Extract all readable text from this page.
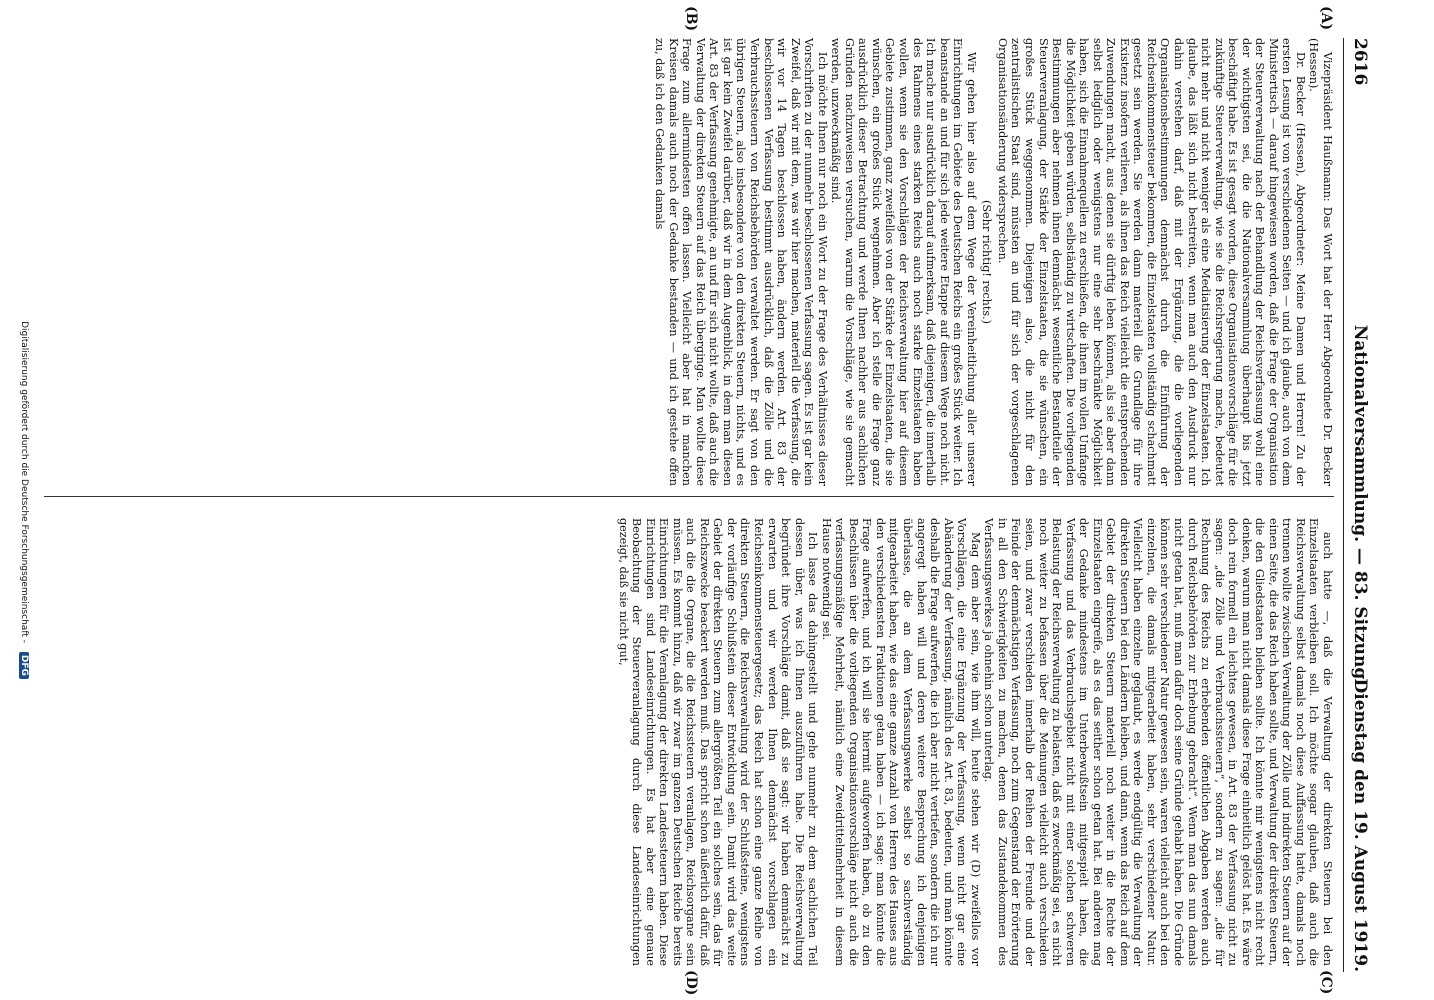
2616
Nationalversammlung. — 83. Sitzung.
Dienstag den 19. August 1919.
(A)
(B)
(C)
(D)

Vizepräsident Haußmann: Das Wort hat der Herr Abgeordnete Dr. Becker (Hessen).

Dr. Becker (Hessen), Abgeordneter: Meine Damen und Herren! Zu der ersten Lesung ist von verschiedenen Seiten — und ich glaube, auch von dem Ministertisch — darauf hingewiesen worden, daß die Frage der Organisation der Steuerverwaltung nach der Behandlung der Reichsverfassung wohl eine der wichtigsten sei, die die Nationalversammlung überhaupt bis jetzt beschäftigt habe. Es ist gesagt worden, diese Organisationsvorschläge für die zukünftige Steuerverwaltung, wie sie die Reichsregierung mache, bedeutet nicht mehr und nicht weniger als eine Mediatisierung der Einzelstaaten. Ich glaube, das läßt sich nicht bestreiten, wenn man auch den Ausdruck nur dahin verstehen darf, daß mit der Ergänzung, die die vorliegenden Organisationsbestimmungen demnächst durch die Einführung der Reichseinkommensteuer bekommen, die Einzelstaaten vollständig schachmatt gesetzt sein werden. Sie werden dann materiell die Grundlage für ihre Existenz insofern verlieren, als ihnen das Reich vielleicht die entsprechenden Zuwendungen macht, aus denen sie dürftig leben können, als sie aber dann selbst lediglich oder wenigstens nur eine sehr beschränkte Möglichkeit haben, sich die Einnahmequellen zu erschließen, die ihnen im vollen Umfange die Möglichkeit geben würden, selbständig zu wirtschaften. Die vorliegenden Bestimmungen aber nehmen ihnen demnächst wesentliche Bestandteile der Steuerveranlagung, der Stärke der Einzelstaaten, die sie wünschen, ein großes Stück weggenommen. Diejenigen also, die nicht für den zentralistischen Staat sind, müssten an und für sich der vorgeschlagenen Organisationsänderung widersprechen.

(Sehr richtig! rechts.)

Wir gehen hier also auf dem Wege der Vereinheitlichung aller unserer Einrichtungen im Gebiete des Deutschen Reichs ein großes Stück weiter. Ich beanstande an und für sich jede weitere Etappe auf diesem Wege noch nicht. Ich mache nur ausdrücklich darauf aufmerksam, daß diejenigen, die innerhalb des Rahmens eines starken Reichs auch noch starke Einzelstaaten haben wollen, wenn sie den Vorschlägen der Reichsverwaltung hier auf diesem Gebiete zustimmen, ganz zweifellos von der Stärke der Einzelstaaten, die sie wünschen, ein großes Stück wegnehmen. Aber ich stelle die Frage ganz ausdrücklich dieser Betrachtung und werde Ihnen nachher aus sachlichen Gründen nachzuweisen versuchen, warum die Vorschläge, wie sie gemacht werden, unzweckmäßig sind.

Ich möchte Ihnen nur noch ein Wort zu der Frage des Verhältnisses dieser Vorschriften zu der nunmehr beschlossenen Verfassung sagen. Es ist gar kein Zweifel, daß wir mit dem, was wir hier machen, materiell die Verfassung, die wir vor 14 Tagen beschlossen haben, ändern werden. Art. 83 der beschlossenen Verfassung bestimmt ausdrücklich, daß die Zölle und die Verbrauchssteuern von Reichsbehörden verwaltet werden. Er sagt von den übrigen Steuern, also insbesondere von den direkten Steuern, nichts, und es ist gar kein Zweifel darüber, daß wir in dem Augenblick, in dem man diesen Art. 83 der Verfassung genehmigte, an und für sich nicht wollte, daß auch die Verwaltung der direkten Steuern auf das Reich überginge. Man wollte diese Frage zum allermindesten offen lassen. Vielleicht aber hat in manchen Kreisen damals auch noch der Gedanke bestanden — und ich gestehe offen zu, daß ich den Gedanken damals

auch hatte —, daß die Verwaltung der direkten Steuern bei den Einzelstaaten verbleiben soll. Ich möchte sogar glauben, daß auch die Reichsverwaltung selbst damals noch diese Auffassung hatte, damals noch trennen wollte zwischen Verwaltung der Zölle und indirekten Steuern auf der einen Seite, die das Reich haben sollte, und Verwaltung der direkten Steuern, die den Gliedstaaten bleiben sollte. Ich könnte mir wenigstens nicht recht denken, warum man nicht damals diese Frage einheitlich gelöst hat. Es wäre doch rein formell ein leichtes gewesen, in Art. 83 der Verfassung nicht zu sagen: „die Zölle und Verbrauchssteuern“, sondern zu sagen: „die für Rechnung des Reichs zu erhebenden öffentlichen Abgaben werden auch durch Reichsbehörden zur Erhebung gebracht“. Wenn man das nun damals nicht getan hat, muß man dafür doch seine Gründe gehabt haben. Die Gründe können sehr verschiedener Natur gewesen sein, waren vielleicht auch bei den einzelnen, die damals mitgearbeitet haben, sehr verschiedener Natur. Vielleicht haben einzelne geglaubt, es werde endgültig die Verwaltung der direkten Steuern bei den Ländern bleiben, und dann, wenn das Reich auf dem Gebiet der direkten Steuern materiell noch weiter in die Rechte der Einzelstaaten eingreife, als es das seither schon getan hat. Bei anderen mag der Gedanke mindestens im Unterbewußtsein mitgespielt haben, die Verfassung und das Verbrauchsgebiet nicht mit einer solchen schweren Belastung der Reichsverwaltung zu belasten, daß es zweckmäßig sei, es nicht noch weiter zu befassen über die Meinungen vielleicht auch verschieden seien, und zwar verschieden innerhalb der Reihen der Freunde und der Feinde der demnächstigen Verfassung, noch zum Gegenstand der Erörterung in all den Schwierigkeiten zu machen, denen das Zustandekommen des Verfassungswerkes ja ohnehin schon unterlag.

Mag dem aber sein, wie ihm will, heute stehen wir (D) zweifellos vor Vorschlägen, die eine Ergänzung der Verfassung, wenn nicht gar eine Abänderung der Verfassung, nämlich des Art. 83, bedeuten, und man könnte deshalb die Frage aufwerfen, die ich aber nicht vertiefen, sondern die ich nur angeregt haben will und deren weitere Besprechung ich denjenigen überlasse, die an dem Verfassungswerke selbst so sachverständig mitgearbeitet haben, wie das eine ganze Anzahl von Herren des Hauses aus den verschiedensten Fraktionen getan haben — ich sage: man könnte die Frage aufwerfen, und ich will sie hiermit aufgeworfen haben, ob zu den Beschlüssen über die vorliegenden Organisationsvorschläge nicht auch die verfassungsmäßige Mehrheit, nämlich eine Zweidrittelmehrheit in diesem Hause notwendig sei.

Ich lasse das dahingestellt und gehe nunmehr zu dem sachlichen Teil dessen über, was ich Ihnen auszuführen habe. Die Reichsverwaltung begründet ihre Vorschläge damit, daß sie sagt: wir haben demnächst zu erwarten und wir werden Ihnen demnächst vorschlagen ein Reichseinkommensteuergesetz; das Reich hat schon eine ganze Reihe von direkten Steuern, die Reichsverwaltung wird der Schlußsteine, wenigstens der vorläufige Schlußstein dieser Entwicklung sein. Damit wird das weite Gebiet der direkten Steuern zum allergrößten Teil ein solches sein, das für Reichszwecke beackert werden muß. Das spricht schon äußerlich dafür, daß auch die die Organe, die die Reichssteuern veranlagen, Reichsorgane sein müssen. Es kommt hinzu, daß wir zwar im ganzen Deutschen Reiche bereits Einrichtungen für die Veranlagung der direkten Landessteuern haben. Diese Einrichtungen sind Landeseinrichtungen. Es hat aber eine genaue Beobachtung der Steuerveranlagung durch diese Landeseinrichtungen gezeigt, daß sie nicht gut,

Digitalisierung gefördert durch die Deutsche Forschungsgemeinschaft - DFG
